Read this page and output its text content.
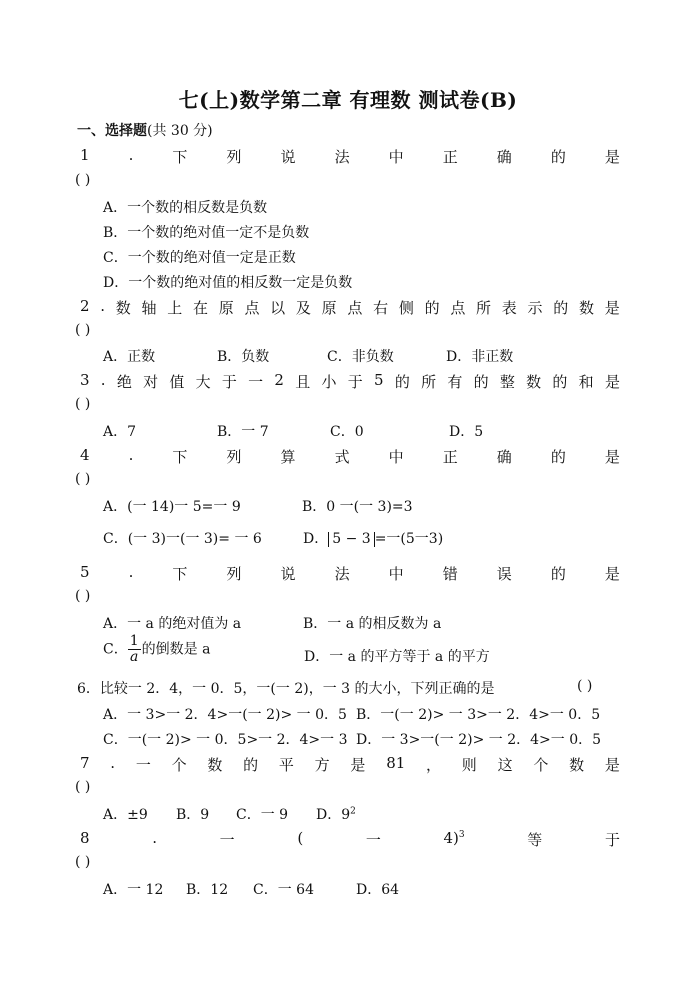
七(上)数学第二章 有理数 测试卷(B)
一、选择题(共 30 分)
1	.	下	列	说	法	中	正	确	的	是
( )
A．一个数的相反数是负数
B．一个数的绝对值一定不是负数
C．一个数的绝对值一定是正数
D．一个数的绝对值的相反数一定是负数
2 . 数 轴 上 在 原 点 以 及 原 点 右 侧 的 点 所 表 示 的 数 是
( )
A．正数	B．负数	C．非负数	D．非正数
3 . 绝 对 值 大 于 一 2 且 小 于 5 的 所 有 的 整 数 的 和 是
( )
A．7	B．一 7	C．0	D．5
4	.	下	列	算	式	中	正	确	的	是
( )
A．(一 14)一 5=一 9	B．0 一(一 3)=3
C．(一 3)一(一 3)= 一 6	D． 5 − 3 =一(5一3)
5	.	下	列	说	法	中	错	误	的	是
( )
A．一 a 的绝对值为 a	B．一 a 的相反数为 a
C． $\frac{1}{a}$ 的倒数是 a	D．一 a 的平方等于 a 的平方
6．比较一 2．4，一 0．5，一(一 2)，一 3 的大小，下列正确的是	( )
A．一 3>一 2．4>一(一 2)> 一 0．5 B．一(一 2)> 一 3>一 2．4>一 0．5
C．一(一 2)> 一 0．5>一 2．4>一 3 D．一 3>一(一 2)> 一 2．4>一 0．5
7 . 一 个 数 的 平 方 是 81 ， 则 这 个 数 是
( )
A．±9 B．9 C．一 9 D．$9^2$
8	.	一	(	一	4)$^3$	等	于
( )
A．一 12 B．12 C．一 64	D．64
